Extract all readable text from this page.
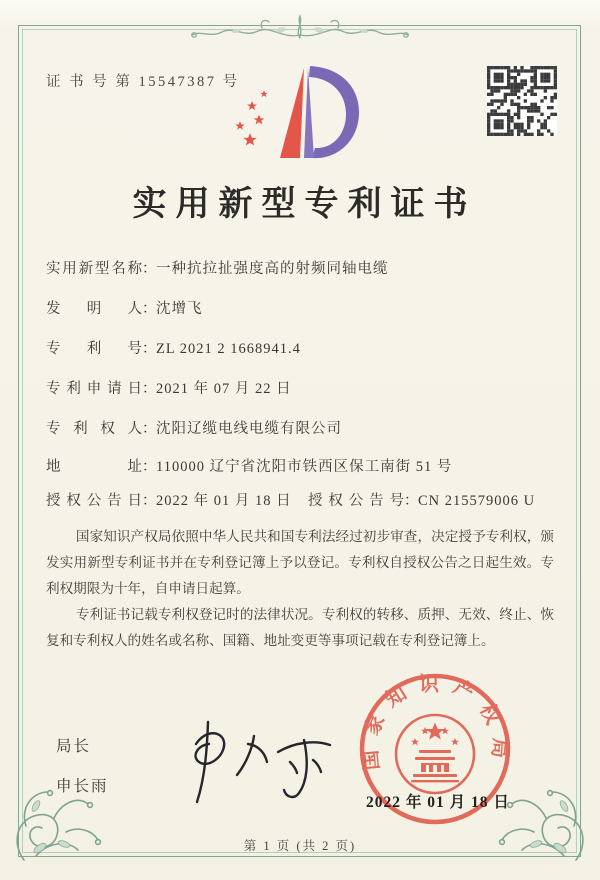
证 书 号 第 15547387 号
实用新型专利证书
实用新型名称：一种抗拉扯强度高的射频同轴电缆
发明人：沈增飞
专利号：ZL 2021 2 1668941.4
专利申请日：2021 年 07 月 22 日
专利权人：沈阳辽缆电线电缆有限公司
地址：110000 辽宁省沈阳市铁西区保工南街 51 号
授权公告日：2022 年 01 月 18 日 授权公告号：CN 215579006 U

国家知识产权局依照中华人民共和国专利法经过初步审查，决定授予专利权，颁发实用新型专利证书并在专利登记簿上予以登记。专利权自授权公告之日起生效。专利权期限为十年，自申请日起算。

专利证书记载专利权登记时的法律状况。专利权的转移、质押、无效、终止、恢复和专利权人的姓名或名称、国籍、地址变更等事项记载在专利登记簿上。

局长
申长雨
国家知识产权局
2022 年 01 月 18 日
第 1 页 (共 2 页)
